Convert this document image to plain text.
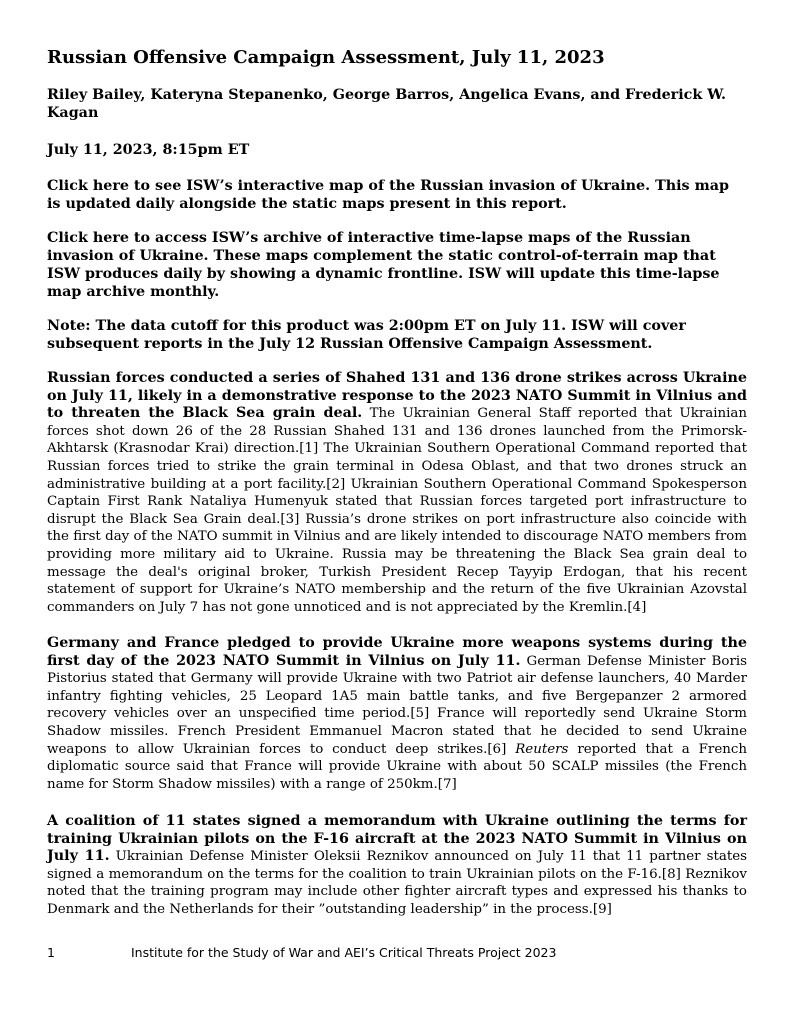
Russian Offensive Campaign Assessment, July 11, 2023

Riley Bailey, Kateryna Stepanenko, George Barros, Angelica Evans, and Frederick W. Kagan

July 11, 2023, 8:15pm ET

Click here to see ISW’s interactive map of the Russian invasion of Ukraine. This map is updated daily alongside the static maps present in this report.

Click here to access ISW’s archive of interactive time-lapse maps of the Russian invasion of Ukraine. These maps complement the static control-of-terrain map that ISW produces daily by showing a dynamic frontline. ISW will update this time-lapse map archive monthly.

Note: The data cutoff for this product was 2:00pm ET on July 11. ISW will cover subsequent reports in the July 12 Russian Offensive Campaign Assessment.

Russian forces conducted a series of Shahed 131 and 136 drone strikes across Ukraine on July 11, likely in a demonstrative response to the 2023 NATO Summit in Vilnius and to threaten the Black Sea grain deal. The Ukrainian General Staff reported that Ukrainian forces shot down 26 of the 28 Russian Shahed 131 and 136 drones launched from the Primorsk-Akhtarsk (Krasnodar Krai) direction.[1] The Ukrainian Southern Operational Command reported that Russian forces tried to strike the grain terminal in Odesa Oblast, and that two drones struck an administrative building at a port facility.[2] Ukrainian Southern Operational Command Spokesperson Captain First Rank Nataliya Humenyuk stated that Russian forces targeted port infrastructure to disrupt the Black Sea Grain deal.[3] Russia’s drone strikes on port infrastructure also coincide with the first day of the NATO summit in Vilnius and are likely intended to discourage NATO members from providing more military aid to Ukraine. Russia may be threatening the Black Sea grain deal to message the deal's original broker, Turkish President Recep Tayyip Erdogan, that his recent statement of support for Ukraine’s NATO membership and the return of the five Ukrainian Azovstal commanders on July 7 has not gone unnoticed and is not appreciated by the Kremlin.[4]

Germany and France pledged to provide Ukraine more weapons systems during the first day of the 2023 NATO Summit in Vilnius on July 11. German Defense Minister Boris Pistorius stated that Germany will provide Ukraine with two Patriot air defense launchers, 40 Marder infantry fighting vehicles, 25 Leopard 1A5 main battle tanks, and five Bergepanzer 2 armored recovery vehicles over an unspecified time period.[5] France will reportedly send Ukraine Storm Shadow missiles. French President Emmanuel Macron stated that he decided to send Ukraine weapons to allow Ukrainian forces to conduct deep strikes.[6] Reuters reported that a French diplomatic source said that France will provide Ukraine with about 50 SCALP missiles (the French name for Storm Shadow missiles) with a range of 250km.[7]

A coalition of 11 states signed a memorandum with Ukraine outlining the terms for training Ukrainian pilots on the F-16 aircraft at the 2023 NATO Summit in Vilnius on July 11. Ukrainian Defense Minister Oleksii Reznikov announced on July 11 that 11 partner states signed a memorandum on the terms for the coalition to train Ukrainian pilots on the F-16.[8] Reznikov noted that the training program may include other fighter aircraft types and expressed his thanks to Denmark and the Netherlands for their ”outstanding leadership” in the process.[9]

1	Institute for the Study of War and AEI’s Critical Threats Project 2023
